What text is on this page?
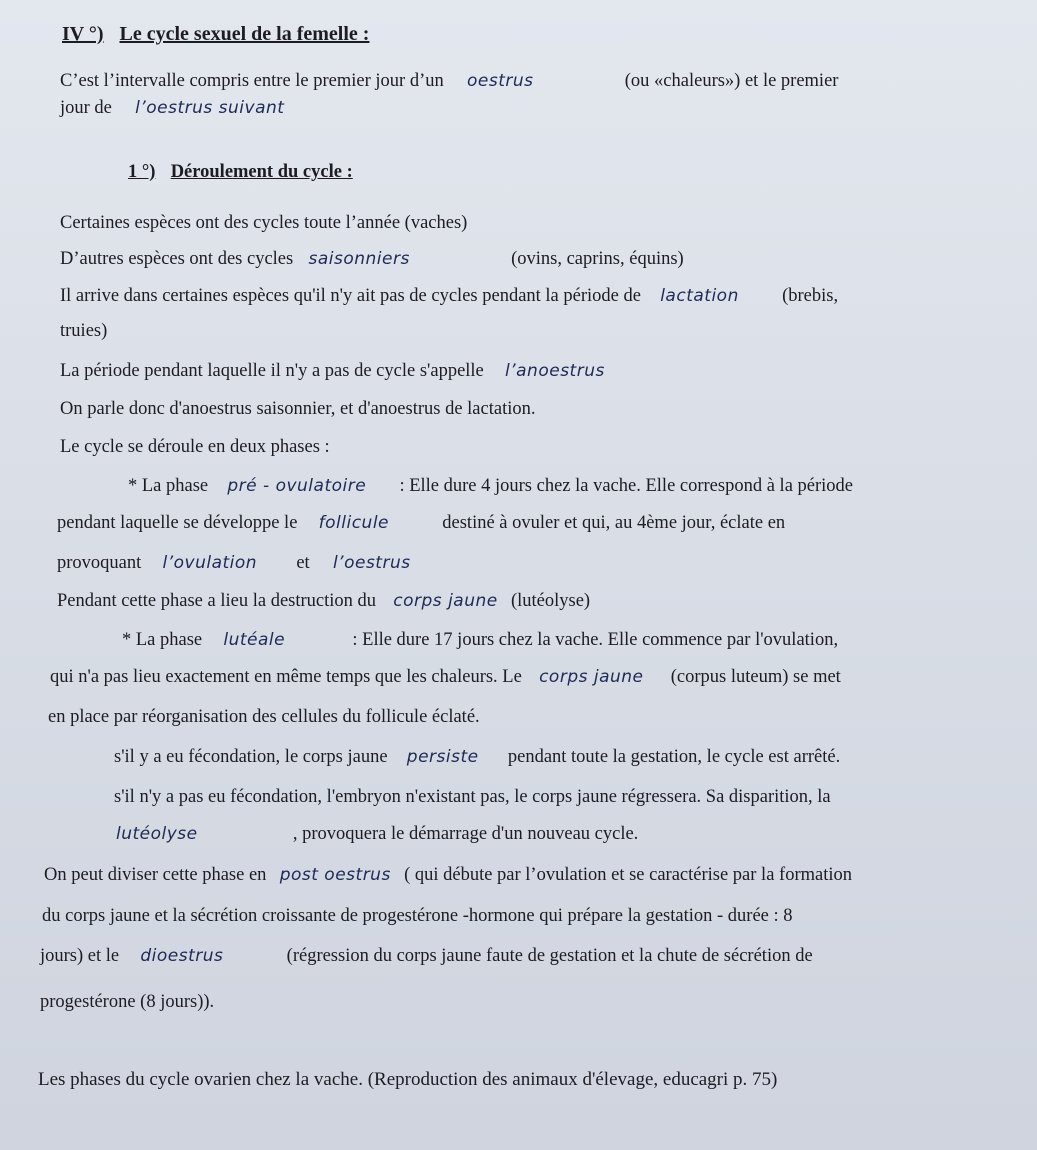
IV °) Le cycle sexuel de la femelle :
C’est l’intervalle compris entre le premier jour d’un oestrus	(ou «chaleurs») et le premier
jour de l’oestrus suivant
1 °) Déroulement du cycle :
Certaines espèces ont des cycles toute l’année (vaches)
D’autres espèces ont des cycles saisonniers	(ovins, caprins, équins)
Il arrive dans certaines espèces qu'il n'y ait pas de cycles pendant la période de lactation (brebis,
truies)
La période pendant laquelle il n'y a pas de cycle s'appelle l’anoestrus
On parle donc d'anoestrus saisonnier, et d'anoestrus de lactation.
Le cycle se déroule en deux phases :
* La phase pré - ovulatoire : Elle dure 4 jours chez la vache. Elle correspond à la période
pendant laquelle se développe le follicule	destiné à ovuler et qui, au 4ème jour, éclate en
provoquant l’ovulation et l’oestrus
Pendant cette phase a lieu la destruction du corps jaune (lutéolyse)
* La phase lutéale	: Elle dure 17 jours chez la vache. Elle commence par l'ovulation,
qui n'a pas lieu exactement en même temps que les chaleurs. Le corps jaune (corpus luteum) se met
en place par réorganisation des cellules du follicule éclaté.
s'il y a eu fécondation, le corps jaune persiste pendant toute la gestation, le cycle est arrêté.
s'il n'y a pas eu fécondation, l'embryon n'existant pas, le corps jaune régressera. Sa disparition, la
lutéolyse	, provoquera le démarrage d'un nouveau cycle.
On peut diviser cette phase en post oestrus ( qui débute par l’ovulation et se caractérise par la formation
du corps jaune et la sécrétion croissante de progestérone -hormone qui prépare la gestation - durée : 8
jours) et le dioestrus	(régression du corps jaune faute de gestation et la chute de sécrétion de
progestérone (8 jours)).
Les phases du cycle ovarien chez la vache. (Reproduction des animaux d'élevage, educagri p. 75)
